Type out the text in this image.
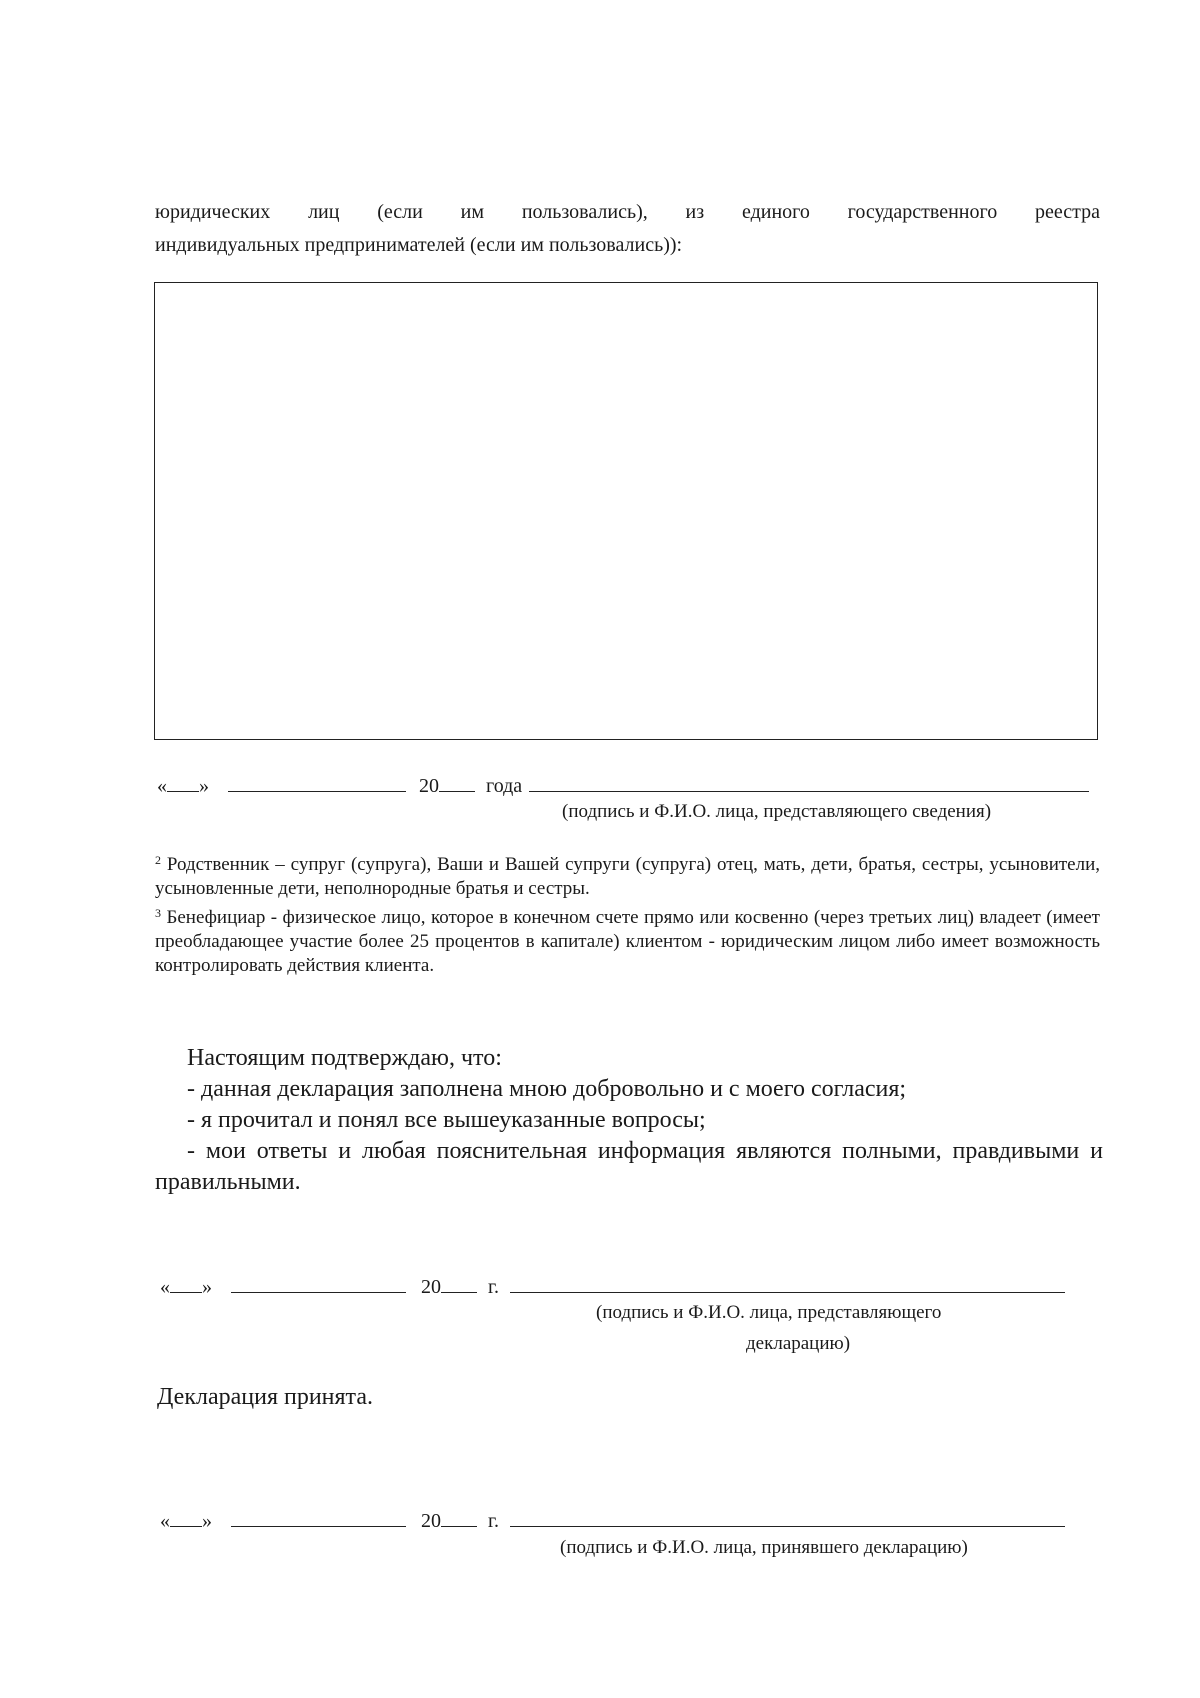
юридических лиц (если им пользовались), из единого государственного реестра
индивидуальных предпринимателей (если им пользовались)):
« »	20 года
(подпись и Ф.И.О. лица, представляющего сведения)

$^2$ Родственник – супруг (супруга), Ваши и Вашей супруги (супруга) отец, мать, дети, братья, сестры, усыновители, усыновленные дети, неполнородные братья и сестры.

$^3$ Бенефициар - физическое лицо, которое в конечном счете прямо или косвенно (через третьих лиц) владеет (имеет преобладающее участие более 25 процентов в капитале) клиентом - юридическим лицом либо имеет возможность контролировать действия клиента.

Настоящим подтверждаю, что:

- данная декларация заполнена мною добровольно и с моего согласия;

- я прочитал и понял все вышеуказанные вопросы;

- мои ответы и любая пояснительная информация являются полными, правдивыми и правильными.

« »	20 г.
(подпись и Ф.И.О. лица, представляющего
декларацию)
Декларация принята.
« »	20 г.
(подпись и Ф.И.О. лица, принявшего декларацию)
